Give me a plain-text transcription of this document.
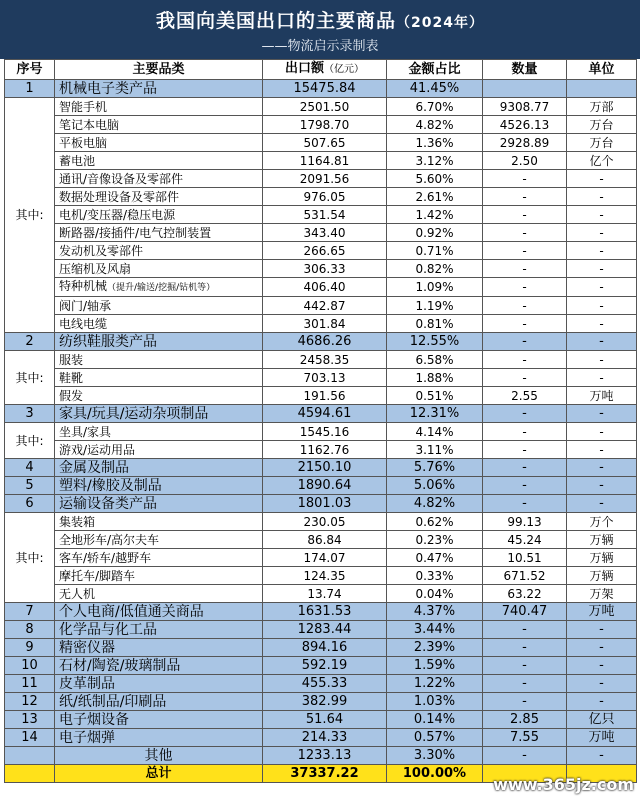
我国向美国出口的主要商品（2024年）
——物流启示录制表
序号	主要品类	出口额（亿元）	金额占比	数量	单位
1	机械电子类产品	15475.84	41.45%		
其中:	智能手机	2501.50	6.70%	9308.77	万部
	笔记本电脑	1798.70	4.82%	4526.13	万台
	平板电脑	507.65	1.36%	2928.89	万台
	蓄电池	1164.81	3.12%	2.50	亿个
	通讯/音像设备及零部件	2091.56	5.60%	-	-
	数据处理设备及零部件	976.05	2.61%	-	-
	电机/变压器/稳压电源	531.54	1.42%	-	-
	断路器/接插件/电气控制装置	343.40	0.92%	-	-
	发动机及零部件	266.65	0.71%	-	-
	压缩机及风扇	306.33	0.82%	-	-
	特种机械（提升/输送/挖掘/钻机等）	406.40	1.09%	-	-
	阀门/轴承	442.87	1.19%	-	-
	电线电缆	301.84	0.81%	-	-
2	纺织鞋服类产品	4686.26	12.55%	-	-
其中:	服装	2458.35	6.58%	-	-
	鞋靴	703.13	1.88%	-	-
	假发	191.56	0.51%	2.55	万吨
3	家具/玩具/运动杂项制品	4594.61	12.31%	-	-
其中:	坐具/家具	1545.16	4.14%	-	-
	游戏/运动用品	1162.76	3.11%	-	-
4	金属及制品	2150.10	5.76%	-	-
5	塑料/橡胶及制品	1890.64	5.06%	-	-
6	运输设备类产品	1801.03	4.82%	-	-
其中:	集装箱	230.05	0.62%	99.13	万个
	全地形车/高尔夫车	86.84	0.23%	45.24	万辆
	客车/轿车/越野车	174.07	0.47%	10.51	万辆
	摩托车/脚踏车	124.35	0.33%	671.52	万辆
	无人机	13.74	0.04%	63.22	万架
7	个人电商/低值通关商品	1631.53	4.37%	740.47	万吨
8	化学品与化工品	1283.44	3.44%	-	-
9	精密仪器	894.16	2.39%	-	-
10	石材/陶瓷/玻璃制品	592.19	1.59%	-	-
11	皮革制品	455.33	1.22%	-	-
12	纸/纸制品/印刷品	382.99	1.03%	-	-
13	电子烟设备	51.64	0.14%	2.85	亿只
14	电子烟弹	214.33	0.57%	7.55	万吨
	其他	1233.13	3.30%	-	-
	总计	37337.22	100.00%		
www.365jz.com
